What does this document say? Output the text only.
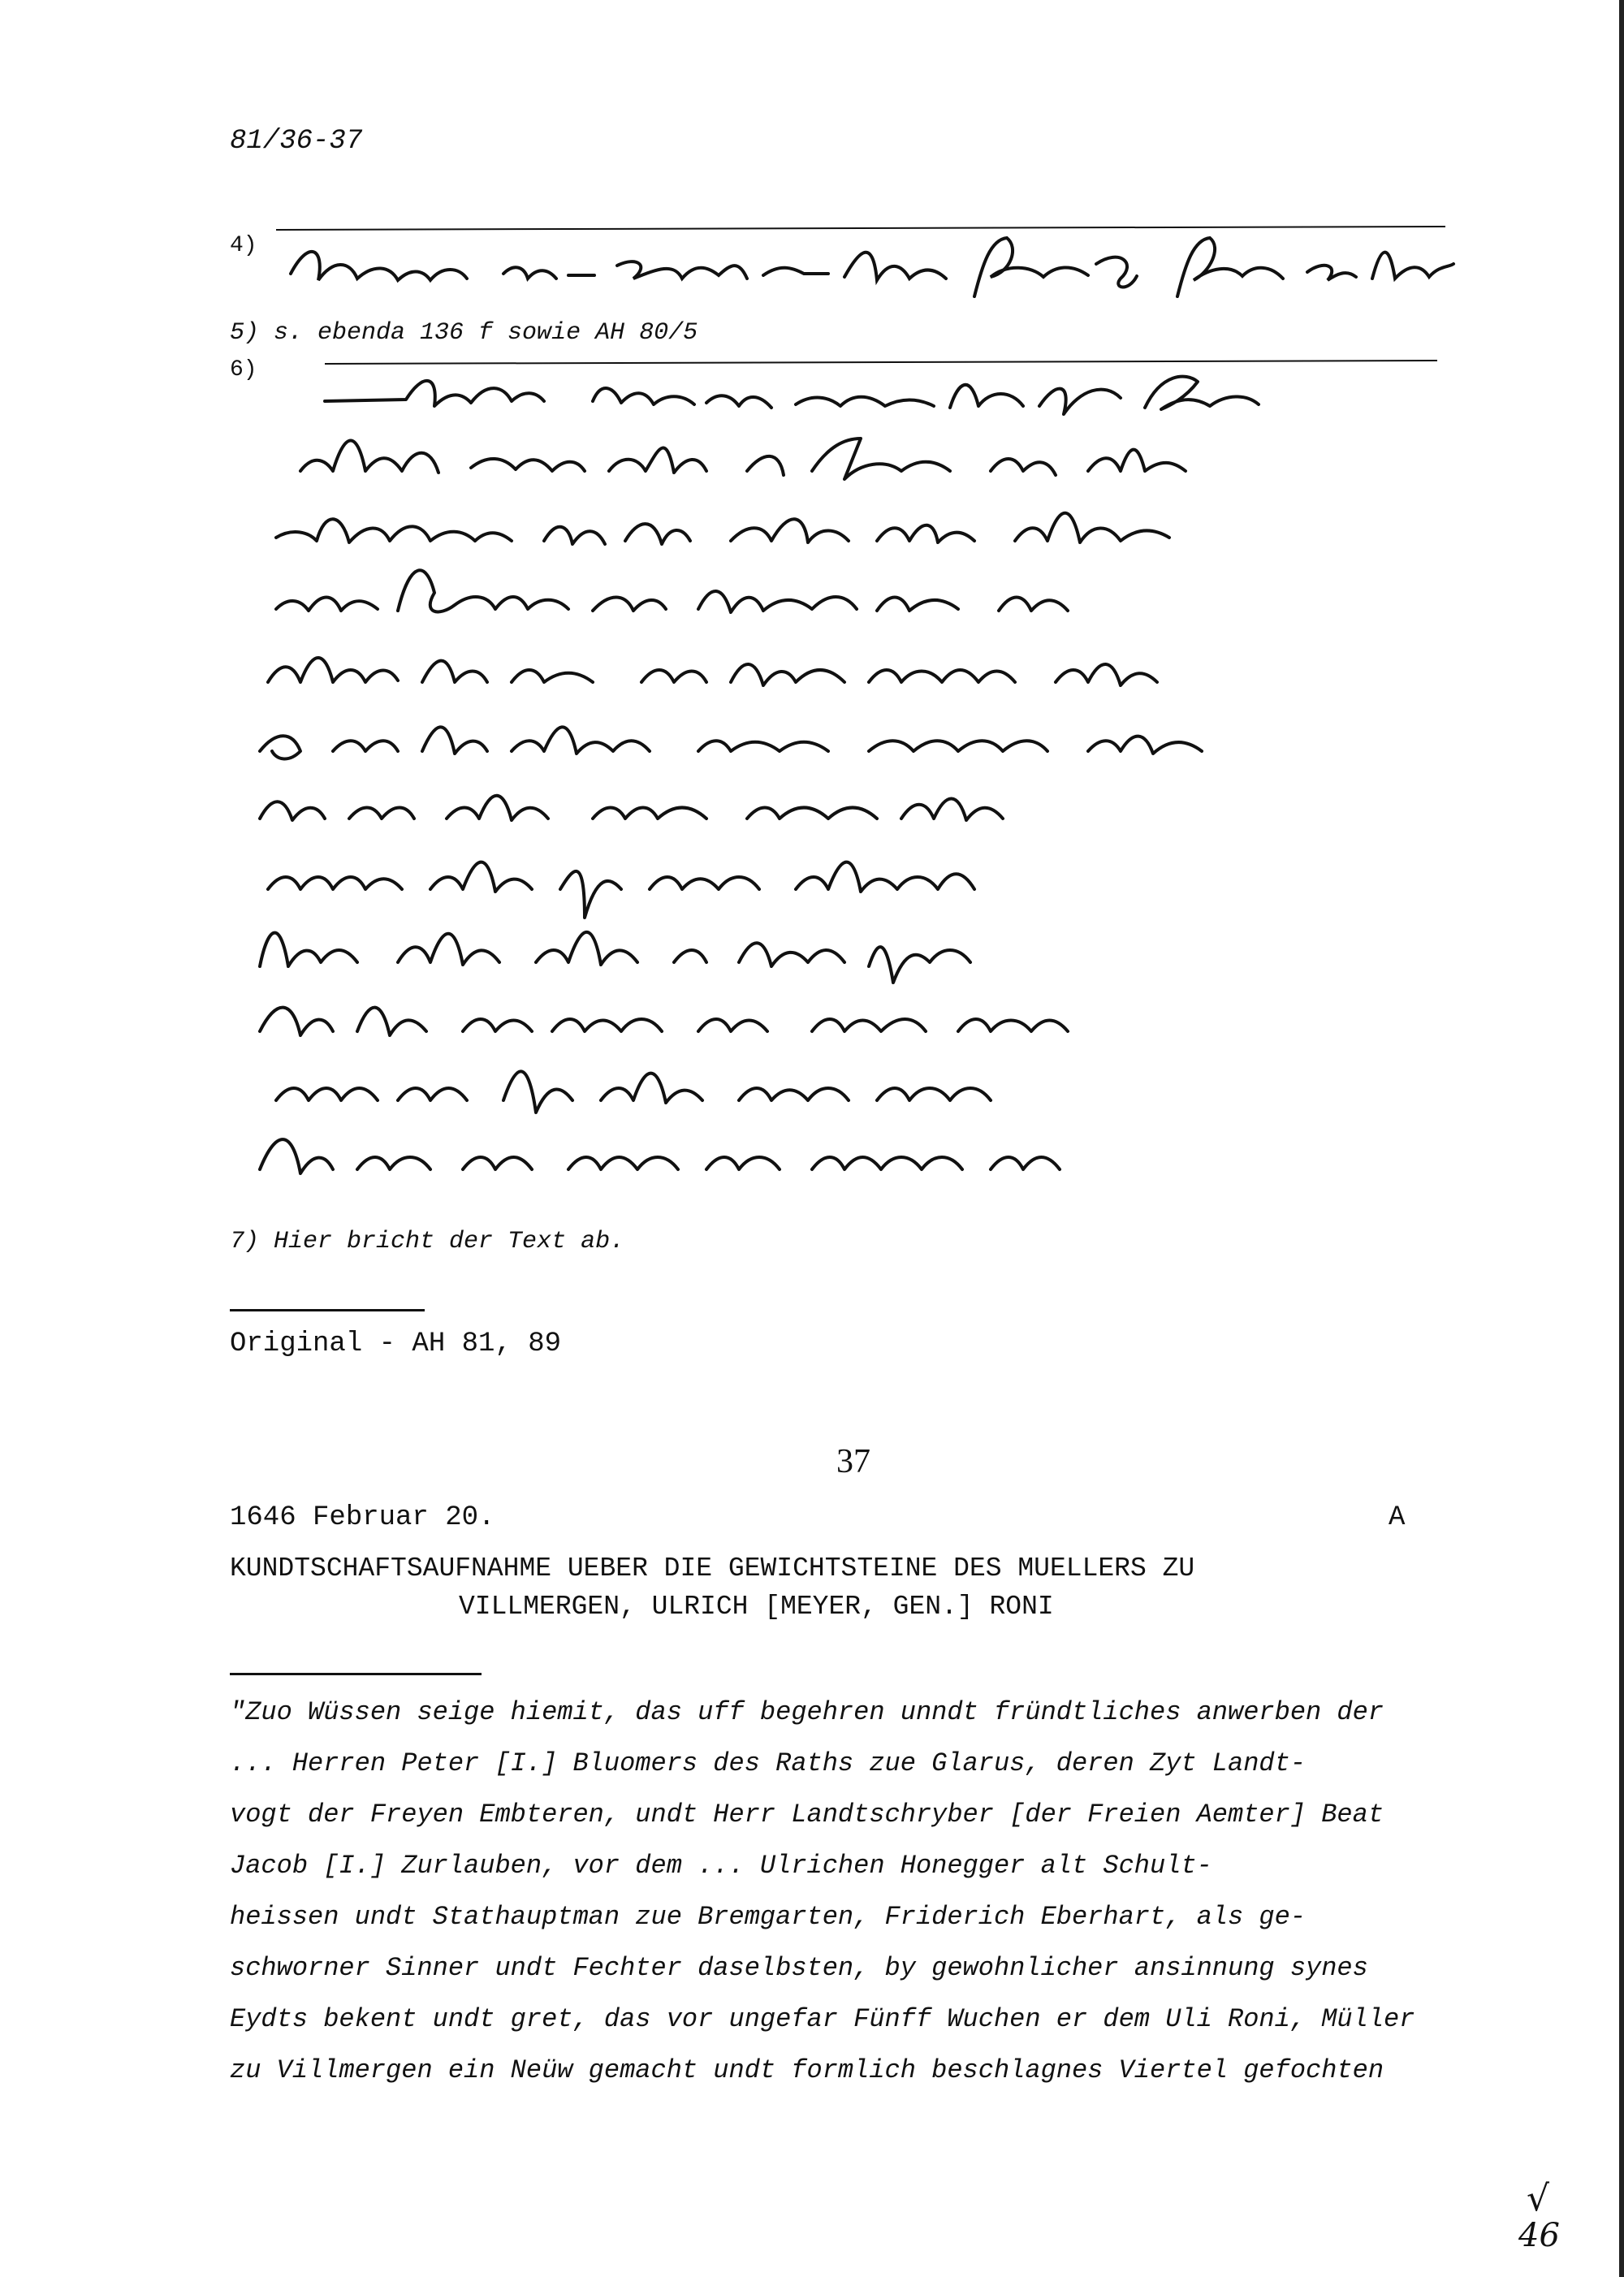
81/36-37
4)
5) s. ebenda 136 f sowie AH 80/5
6)
7) Hier bricht der Text ab.
Original - AH 81, 89
37
1646 Februar 20.	A
KUNDTSCHAFTSAUFNAHME UEBER DIE GEWICHTSTEINE DES MUELLERS ZU
VILLMERGEN, ULRICH [MEYER, GEN.] RONI
"Zuo Wüssen seige hiemit, das uff begehren unndt fründtliches anwerben der
... Herren Peter [I.] Bluomers des Raths zue Glarus, deren Zyt Landt-
vogt der Freyen Embteren, undt Herr Landtschryber [der Freien Aemter] Beat
Jacob [I.] Zurlauben, vor dem ... Ulrichen Honegger alt Schult-
heissen undt Stathauptman zue Bremgarten, Friderich Eberhart, als ge-
schworner Sinner undt Fechter daselbsten, by gewohnlicher ansinnung synes
Eydts bekent undt gret, das vor ungefar Fünff Wuchen er dem Uli Roni, Müller
zu Villmergen ein Neüw gemacht undt formlich beschlagnes Viertel gefochten
√
46
